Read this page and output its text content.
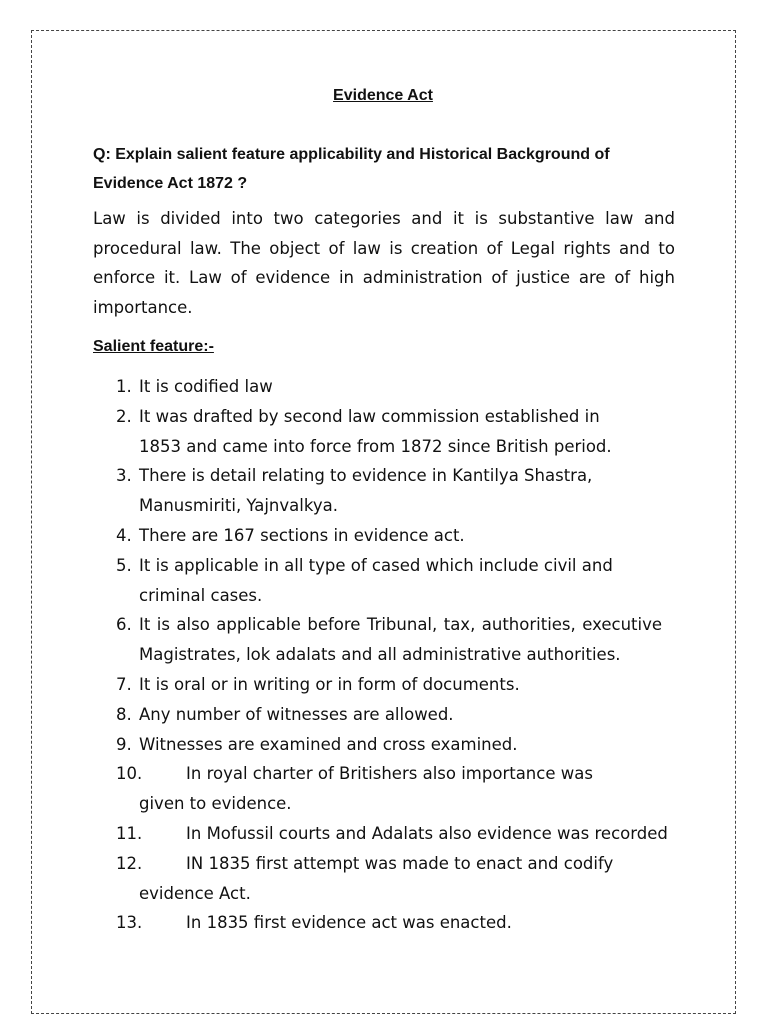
Evidence Act

Q: Explain salient feature applicability and Historical Background of Evidence Act 1872 ?

Law is divided into two categories and it is substantive law and procedural law. The object of law is creation of Legal rights and to enforce it. Law of evidence in administration of justice are of high importance.

Salient feature:-

1. It is codified law
2. It was drafted by second law commission established in 1853 and came into force from 1872 since British period.
3. There is detail relating to evidence in Kantilya Shastra, Manusmiriti, Yajnvalkya.
4. There are 167 sections in evidence act.
5. It is applicable in all type of cased which include civil and criminal cases.
6. It is also applicable before Tribunal, tax, authorities, executive Magistrates, lok adalats and all administrative authorities.
7. It is oral or in writing or in form of documents.
8. Any number of witnesses are allowed.
9. Witnesses are examined and cross examined.
10.	In royal charter of Britishers also importance was given to evidence.
11.	In Mofussil courts and Adalats also evidence was recorded
12.	IN 1835 first attempt was made to enact and codify evidence Act.
13.	In 1835 first evidence act was enacted.
